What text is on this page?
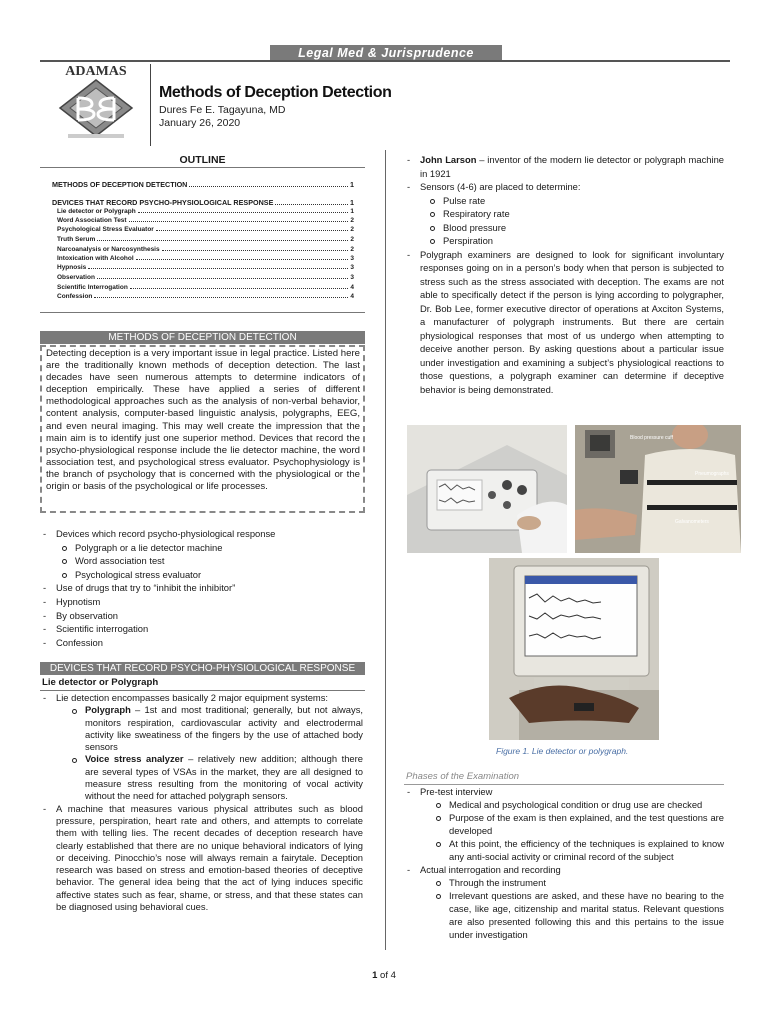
Legal Med & Jurisprudence
ADAMAS
Methods of Deception Detection
Dures Fe E. Tagayuna, MD
January 26, 2020
OUTLINE
METHODS OF DECEPTION DETECTION	1
DEVICES THAT RECORD PSYCHO-PHYSIOLOGICAL RESPONSE	1
Lie detector or Polygraph	1
Word Association Test	2
Psychological Stress Evaluator	2
Truth Serum	2
Narcoanalysis or Narcosynthesis	2
Intoxication with Alcohol	3
Hypnosis	3
Observation	3
Scientific Interrogation	4
Confession	4
METHODS OF DECEPTION DETECTION
Detecting deception is a very important issue in legal practice. Listed here are the traditionally known methods of deception detection. The last decades have seen numerous attempts to determine indicators of deception empirically. These have applied a series of different methodological approaches such as the analysis of non-verbal behavior, content analysis, computer-based linguistic analysis, polygraphs, EEG, and even neural imaging. This may well create the impression that the main aim is to identify just one superior method. Devices that record the psycho-physiological response include the lie detector machine, the word association test, and psychological stress evaluator. Psychophysiology is the branch of psychology that is concerned with the physiological or the origin or basis of the psychological or life processes.
- Devices which record psycho-physiological response
Polygraph or a lie detector machine
Word association test
Psychological stress evaluator
- Use of drugs that try to “inhibit the inhibitor”
- Hypnotism
- By observation
- Scientific interrogation
- Confession
DEVICES THAT RECORD PSYCHO-PHYSIOLOGICAL RESPONSE
Lie detector or Polygraph
- Lie detection encompasses basically 2 major equipment systems:
Polygraph – 1st and most traditional; generally, but not always, monitors respiration, cardiovascular activity and electrodermal activity like sweatiness of the fingers by the use of attached body sensors
Voice stress analyzer – relatively new addition; although there are several types of VSAs in the market, they are all designed to measure stress resulting from the monitoring of vocal activity without the need for attached polygraph sensors.
- A machine that measures various physical attributes such as blood pressure, perspiration, heart rate and others, and attempts to correlate them with telling lies. The recent decades of deception research have clearly established that there are no unique behavioral indicators of lying or deceiving. Pinocchio’s nose will always remain a fairytale. Deception research was based on stress and emotion-based theories of deceptive behavior. The general idea being that the act of lying induces specific affective states such as fear, shame, or stress, and that these states can be diagnosed using behavioral cues.
- John Larson – inventor of the modern lie detector or polygraph machine in 1921
- Sensors (4-6) are placed to determine:
Pulse rate
Respiratory rate
Blood pressure
Perspiration
- Polygraph examiners are designed to look for significant involuntary responses going on in a person’s body when that person is subjected to stress such as the stress associated with deception. The exams are not able to specifically detect if the person is lying according to polygrapher, Dr. Bob Lee, former executive director of operations at Axciton Systems, a manufacturer of polygraph instruments. But there are certain physiological responses that most of us undergo when attempting to deceive another person. By asking questions about a particular issue under investigation and examining a subject’s physiological reactions to those questions, a polygraph examiner can determine if deceptive behavior is being demonstrated.
Blood pressure cuff
Pneumographs
Galvanometers
Figure 1. Lie detector or polygraph.
Phases of the Examination
- Pre-test interview
Medical and psychological condition or drug use are checked
Purpose of the exam is then explained, and the test questions are developed
At this point, the efficiency of the techniques is explained to know any anti-social activity or criminal record of the subject
- Actual interrogation and recording
Through the instrument
Irrelevant questions are asked, and these have no bearing to the case, like age, citizenship and marital status. Relevant questions are also presented following this and this pertains to the issue under investigation
1 of 4
